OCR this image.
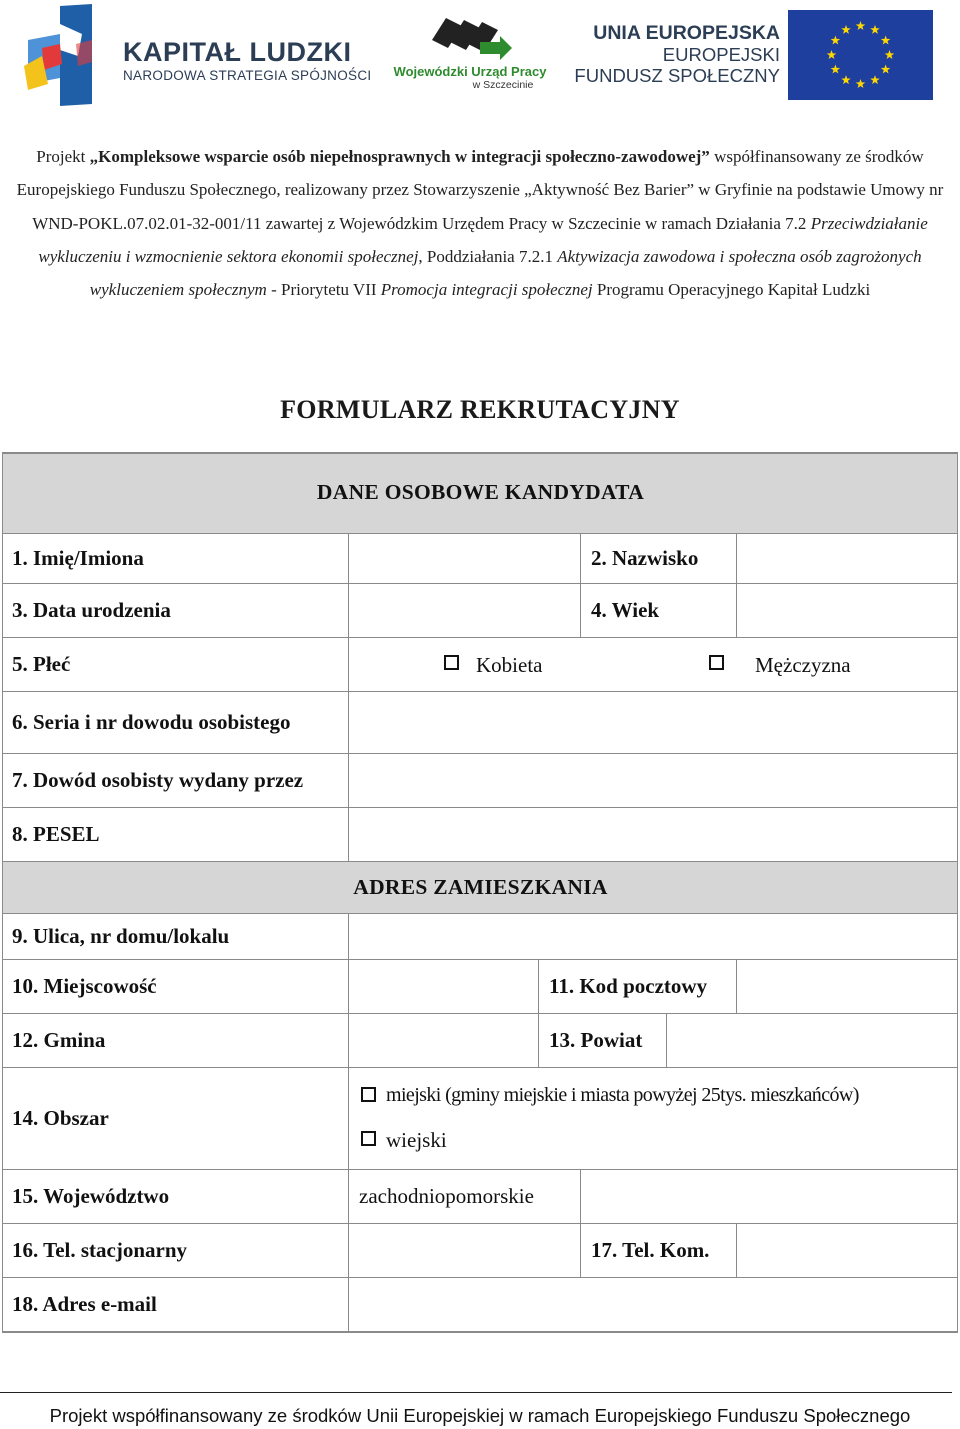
KAPITAŁ LUDZKI
NARODOWA STRATEGIA SPÓJNOŚCI Wojewódzki Urząd Pracy
w Szczecinie
UNIA EUROPEJSKA
EUROPEJSKI
FUNDUSZ SPOŁECZNY
Projekt „Kompleksowe wsparcie osób niepełnosprawnych w integracji społeczno-zawodowej” współfinansowany ze środków Europejskiego Funduszu Społecznego, realizowany przez Stowarzyszenie „Aktywność Bez Barier” w Gryfinie na podstawie Umowy nr WND-POKL.07.02.01-32-001/11 zawartej z Wojewódzkim Urzędem Pracy w Szczecinie w ramach Działania 7.2 Przeciwdziałanie wykluczeniu i wzmocnienie sektora ekonomii społecznej, Poddziałania 7.2.1 Aktywizacja zawodowa i społeczna osób zagrożonych wykluczeniem społecznym - Priorytetu VII Promocja integracji społecznej Programu Operacyjnego Kapitał Ludzki
FORMULARZ REKRUTACYJNY
DANE OSOBOWE KANDYDATA
1. Imię/Imiona	2. Nazwisko
3. Data urodzenia	4. Wiek
5. Płeć	Kobieta	Mężczyzna
6. Seria i nr dowodu osobistego
7. Dowód osobisty wydany przez
8. PESEL
ADRES ZAMIESZKANIA
9. Ulica, nr domu/lokalu
10. Miejscowość	11. Kod pocztowy
12. Gmina	13. Powiat
14. Obszar
miejski (gminy miejskie i miasta powyżej 25tys. mieszkańców)
wiejski
15. Województwo	zachodniopomorskie
16. Tel. stacjonarny	17. Tel. Kom.
18. Adres e-mail
Projekt współfinansowany ze środków Unii Europejskiej w ramach Europejskiego Funduszu Społecznego
